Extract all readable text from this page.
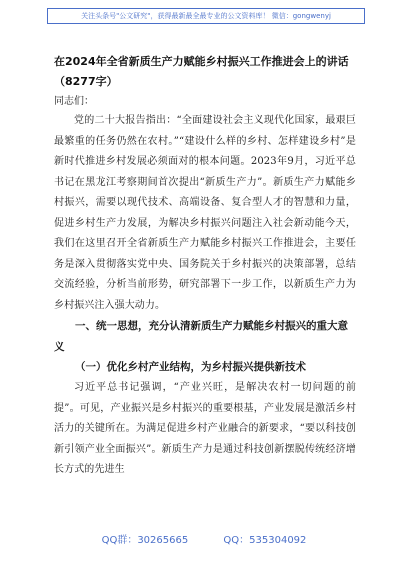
关注头条号"公文研究"，获得最新最全最专业的公文资料库！ 微信：gongwenyj

在2024年全省新质生产力赋能乡村振兴工作推进会上的讲话（8277字）

同志们：

党的二十大报告指出：“全面建设社会主义现代化国家，最艰巨最繁重的任务仍然在农村。”“建设什么样的乡村、怎样建设乡村”是新时代推进乡村发展必须面对的根本问题。2023年9月，习近平总书记在黑龙江考察期间首次提出“新质生产力”。新质生产力赋能乡村振兴，需要以现代技术、高端设备、复合型人才的智慧和力量，促进乡村生产力发展，为解决乡村振兴问题注入社会新动能今天，我们在这里召开全省新质生产力赋能乡村振兴工作推进会，主要任务是深入贯彻落实党中央、国务院关于乡村振兴的决策部署，总结交流经验，分析当前形势，研究部署下一步工作，以新质生产力为乡村振兴注入强大动力。

一、统一思想，充分认清新质生产力赋能乡村振兴的重大意义

（一）优化乡村产业结构，为乡村振兴提供新技术

习近平总书记强调，“产业兴旺，是解决农村一切问题的前提”。可见，产业振兴是乡村振兴的重要根基，产业发展是激活乡村活力的关键所在。为满足促进乡村产业融合的新要求，“要以科技创新引领产业全面振兴”。新质生产力是通过科技创新摆脱传统经济增长方式的先进生

QQ群：30265665	QQ：535304092
